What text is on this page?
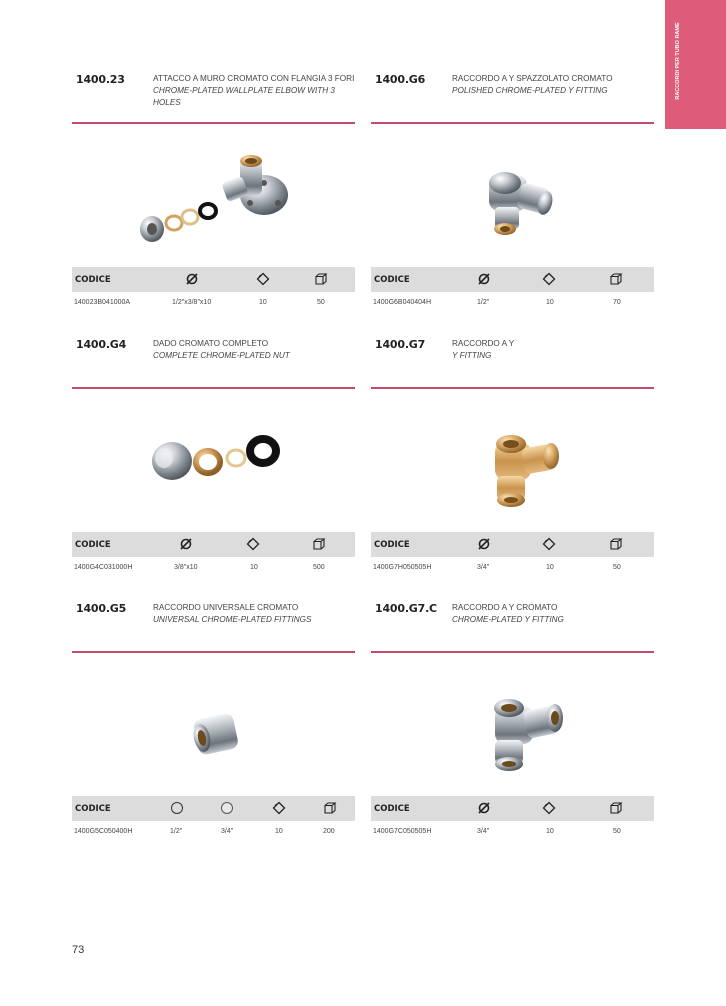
RACCORDI PER TUBO RAME
1400.23	ATTACCO A MURO CROMATO CON FLANGIA 3 FORI
CHROME-PLATED WALLPLATE ELBOW WITH 3 HOLES
CODICE
140023B041000A	1/2"x3/8"x10	10	50
1400.G6	RACCORDO A Y SPAZZOLATO CROMATO
POLISHED CHROME-PLATED Y FITTING
CODICE
1400G6B040404H	1/2"	10	70
1400.G4	DADO CROMATO COMPLETO
COMPLETE CHROME-PLATED NUT
CODICE
1400G4C031000H	3/8"x10	10	500
1400.G7	RACCORDO A Y
Y FITTING
CODICE
1400G7H050505H	3/4"	10	50
1400.G5	RACCORDO UNIVERSALE CROMATO
UNIVERSAL CHROME-PLATED FITTINGS
CODICE
1400G5C050400H	1/2"	3/4"	10	200
1400.G7.C RACCORDO A Y CROMATO
CHROME-PLATED Y FITTING
CODICE
1400G7C050505H	3/4"	10	50
73
